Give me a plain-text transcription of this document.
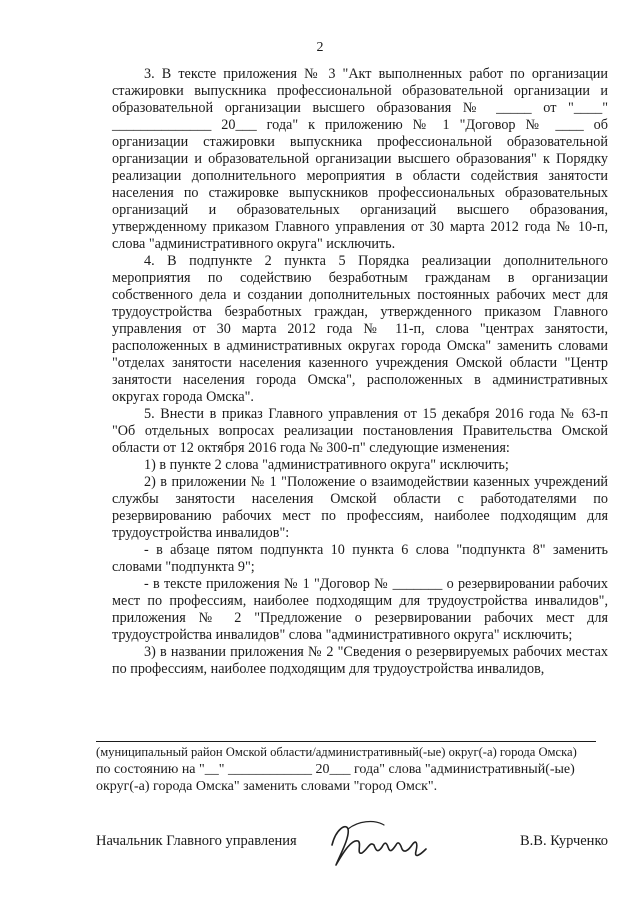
2

3. В тексте приложения № 3 "Акт выполненных работ по организации стажировки выпускника профессиональной образовательной организации и образовательной организации высшего образования № _____ от "____" ______________ 20___ года" к приложению № 1 "Договор № ____ об организации стажировки выпускника профессиональной образовательной организации и образовательной организации высшего образования" к Порядку реализации дополнительного мероприятия в области содействия занятости населения по стажировке выпускников профессиональных образовательных организаций и образовательных организаций высшего образования, утвержденному приказом Главного управления от 30 марта 2012 года № 10-п, слова "административного округа" исключить.

4. В подпункте 2 пункта 5 Порядка реализации дополнительного мероприятия по содействию безработным гражданам в организации собственного дела и создании дополнительных постоянных рабочих мест для трудоустройства безработных граждан, утвержденного приказом Главного управления от 30 марта 2012 года № 11-п, слова "центрах занятости, расположенных в административных округах города Омска" заменить словами "отделах занятости населения казенного учреждения Омской области "Центр занятости населения города Омска", расположенных в административных округах города Омска".

5. Внести в приказ Главного управления от 15 декабря 2016 года № 63-п "Об отдельных вопросах реализации постановления Правительства Омской области от 12 октября 2016 года № 300-п" следующие изменения:

1) в пункте 2 слова "административного округа" исключить;

2) в приложении № 1 "Положение о взаимодействии казенных учреждений службы занятости населения Омской области с работодателями по резервированию рабочих мест по профессиям, наиболее подходящим для трудоустройства инвалидов":

- в абзаце пятом подпункта 10 пункта 6 слова "подпункта 8" заменить словами "подпункта 9";

- в тексте приложения № 1 "Договор № _______ о резервировании рабочих мест по профессиям, наиболее подходящим для трудоустройства инвалидов", приложения № 2 "Предложение о резервировании рабочих мест для трудоустройства инвалидов" слова "административного округа" исключить;

3) в названии приложения № 2 "Сведения о резервируемых рабочих местах по профессиям, наиболее подходящим для трудоустройства инвалидов,

(муниципальный район Омской области/административный(-ые) округ(-а) города Омска)

по состоянию на "__" ____________ 20___ года" слова "административный(-ые) округ(-а) города Омска" заменить словами "город Омск".

Начальник Главного управления	В.В. Курченко
